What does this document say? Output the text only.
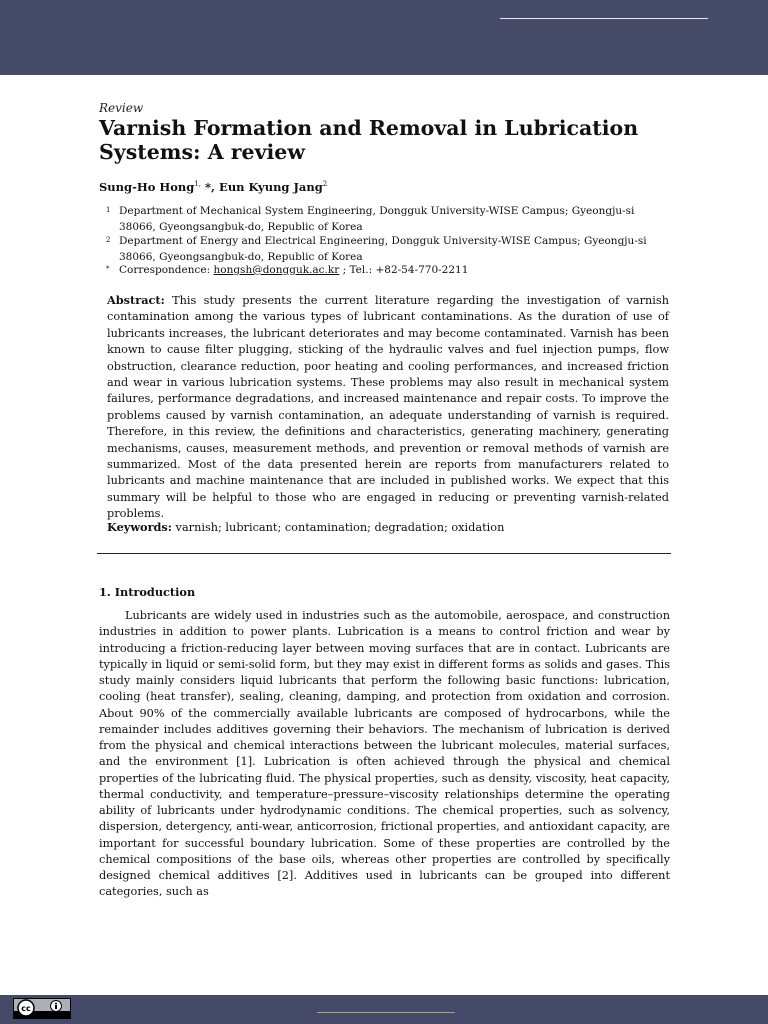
Review
Varnish Formation and Removal in Lubrication Systems: A review
Sung-Ho Hong$^{1,}$ *, Eun Kyung Jang$^2$
1 Department of Mechanical System Engineering, Dongguk University-WISE Campus; Gyeongju-si 38066, Gyeongsangbuk-do, Republic of Korea
2 Department of Energy and Electrical Engineering, Dongguk University-WISE Campus; Gyeongju-si 38066, Gyeongsangbuk-do, Republic of Korea
* Correspondence: hongsh@dongguk.ac.kr ; Tel.: +82-54-770-2211

Abstract: This study presents the current literature regarding the investigation of varnish contamination among the various types of lubricant contaminations. As the duration of use of lubricants increases, the lubricant deteriorates and may become contaminated. Varnish has been known to cause filter plugging, sticking of the hydraulic valves and fuel injection pumps, flow obstruction, clearance reduction, poor heating and cooling performances, and increased friction and wear in various lubrication systems. These problems may also result in mechanical system failures, performance degradations, and increased maintenance and repair costs. To improve the problems caused by varnish contamination, an adequate understanding of varnish is required. Therefore, in this review, the definitions and characteristics, generating machinery, generating mechanisms, causes, measurement methods, and prevention or removal methods of varnish are summarized. Most of the data presented herein are reports from manufacturers related to lubricants and machine maintenance that are included in published works. We expect that this summary will be helpful to those who are engaged in reducing or preventing varnish-related problems.

Keywords: varnish; lubricant; contamination; degradation; oxidation
1. Introduction

Lubricants are widely used in industries such as the automobile, aerospace, and construction industries in addition to power plants. Lubrication is a means to control friction and wear by introducing a friction-reducing layer between moving surfaces that are in contact. Lubricants are typically in liquid or semi-solid form, but they may exist in different forms as solids and gases. This study mainly considers liquid lubricants that perform the following basic functions: lubrication, cooling (heat transfer), sealing, cleaning, damping, and protection from oxidation and corrosion. About 90% of the commercially available lubricants are composed of hydrocarbons, while the remainder includes additives governing their behaviors. The mechanism of lubrication is derived from the physical and chemical interactions between the lubricant molecules, material surfaces, and the environment [1]. Lubrication is often achieved through the physical and chemical properties of the lubricating fluid. The physical properties, such as density, viscosity, heat capacity, thermal conductivity, and temperature–pressure–viscosity relationships determine the operating ability of lubricants under hydrodynamic conditions. The chemical properties, such as solvency, dispersion, detergency, anti-wear, anticorrosion, frictional properties, and antioxidant capacity, are important for successful boundary lubrication. Some of these properties are controlled by the chemical compositions of the base oils, whereas other properties are controlled by specifically designed chemical additives [2]. Additives used in lubricants can be grouped into different categories, such as

cc
